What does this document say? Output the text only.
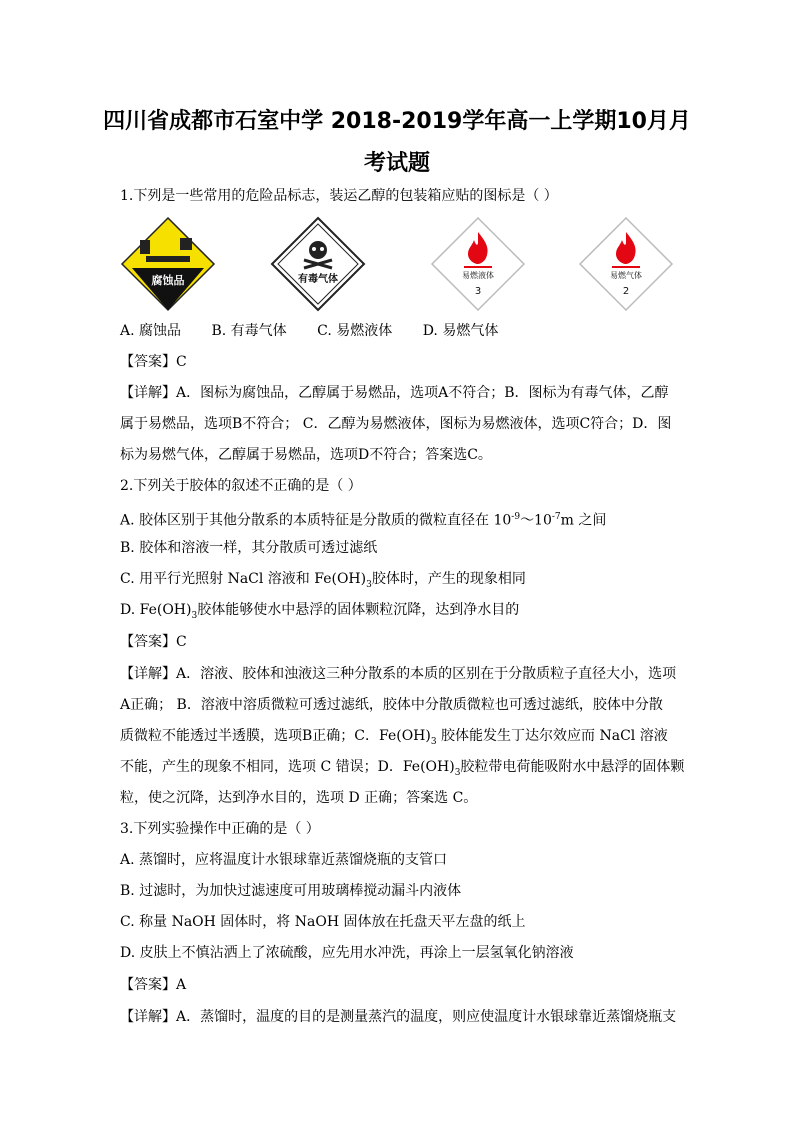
四川省成都市石室中学 2018-2019学年高一上学期10月月
考试题
1.下列是一些常用的危险品标志，装运乙醇的包装箱应贴的图标是（ ）
腐蚀品	有毒气体	易燃液体
3
易燃气体
2
A. 腐蚀品 B. 有毒气体 C. 易燃液体 D. 易燃气体
【答案】C
【详解】A．图标为腐蚀品，乙醇属于易燃品，选项A不符合；B．图标为有毒气体，乙醇
属于易燃品，选项B不符合； C．乙醇为易燃液体，图标为易燃液体，选项C符合；D．图
标为易燃气体，乙醇属于易燃品，选项D不符合；答案选C。
2.下列关于胶体的叙述不正确的是（ ）
A. 胶体区别于其他分散系的本质特征是分散质的微粒直径在 $10^{-9}\sim 10^{-7}m$ 之间
B. 胶体和溶液一样，其分散质可透过滤纸
C. 用平行光照射 NaCl 溶液和 $Fe(OH)_3$胶体时，产生的现象相同
D. $Fe(OH)_3$胶体能够使水中悬浮的固体颗粒沉降，达到净水目的
【答案】C
【详解】A．溶液、胶体和浊液这三种分散系的本质的区别在于分散质粒子直径大小，选项
A正确； B．溶液中溶质微粒可透过滤纸，胶体中分散质微粒也可透过滤纸，胶体中分散
质微粒不能透过半透膜，选项B正确；C．$Fe(OH)_3$ 胶体能发生丁达尔效应而 NaCl 溶液
不能，产生的现象不相同，选项 C 错误；D．$Fe(OH)_3$胶粒带电荷能吸附水中悬浮的固体颗
粒，使之沉降，达到净水目的，选项 D 正确；答案选 C。
3.下列实验操作中正确的是（ ）
A. 蒸馏时，应将温度计水银球靠近蒸馏烧瓶的支管口
B. 过滤时，为加快过滤速度可用玻璃棒搅动漏斗内液体
C. 称量 NaOH 固体时，将 NaOH 固体放在托盘天平左盘的纸上
D. 皮肤上不慎沾洒上了浓硫酸，应先用水冲洗，再涂上一层氢氧化钠溶液
【答案】A
【详解】A．蒸馏时，温度的目的是测量蒸汽的温度，则应使温度计水银球靠近蒸馏烧瓶支
